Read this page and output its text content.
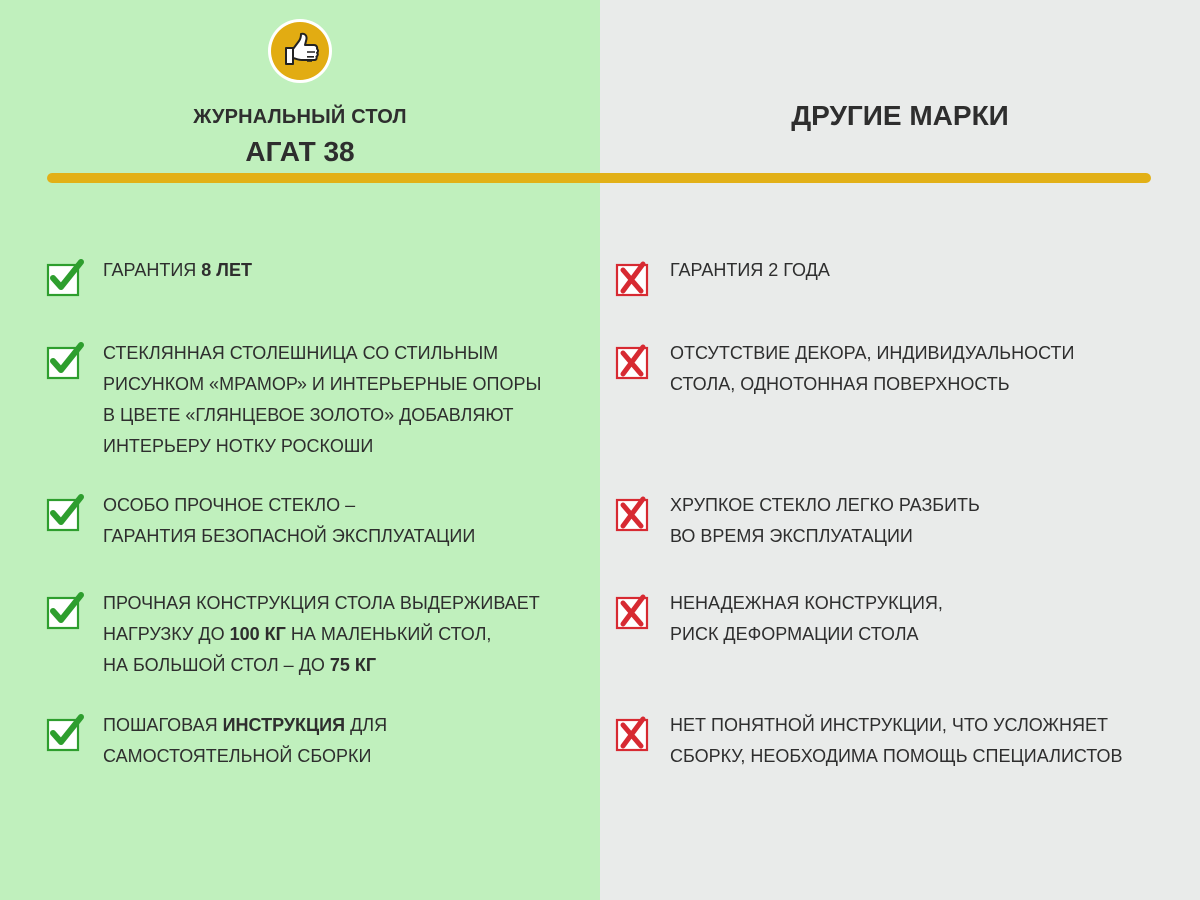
ЖУРНАЛЬНЫЙ СТОЛ
АГАТ 38
ДРУГИЕ МАРКИ
ГАРАНТИЯ 8 ЛЕТ
СТЕКЛЯННАЯ СТОЛЕШНИЦА СО СТИЛЬНЫМ
РИСУНКОМ «МРАМОР» И ИНТЕРЬЕРНЫЕ ОПОРЫ
В ЦВЕТЕ «ГЛЯНЦЕВОЕ ЗОЛОТО» ДОБАВЛЯЮТ
ИНТЕРЬЕРУ НОТКУ РОСКОШИ
ОСОБО ПРОЧНОЕ СТЕКЛО –
ГАРАНТИЯ БЕЗОПАСНОЙ ЭКСПЛУАТАЦИИ
ПРОЧНАЯ КОНСТРУКЦИЯ СТОЛА ВЫДЕРЖИВАЕТ
НАГРУЗКУ ДО 100 КГ НА МАЛЕНЬКИЙ СТОЛ,
НА БОЛЬШОЙ СТОЛ – ДО 75 КГ
ПОШАГОВАЯ ИНСТРУКЦИЯ ДЛЯ
САМОСТОЯТЕЛЬНОЙ СБОРКИ
ГАРАНТИЯ 2 ГОДА
ОТСУТСТВИЕ ДЕКОРА, ИНДИВИДУАЛЬНОСТИ
СТОЛА, ОДНОТОННАЯ ПОВЕРХНОСТЬ
ХРУПКОЕ СТЕКЛО ЛЕГКО РАЗБИТЬ
ВО ВРЕМЯ ЭКСПЛУАТАЦИИ
НЕНАДЕЖНАЯ КОНСТРУКЦИЯ,
РИСК ДЕФОРМАЦИИ СТОЛА
НЕТ ПОНЯТНОЙ ИНСТРУКЦИИ, ЧТО УСЛОЖНЯЕТ
СБОРКУ, НЕОБХОДИМА ПОМОЩЬ СПЕЦИАЛИСТОВ
